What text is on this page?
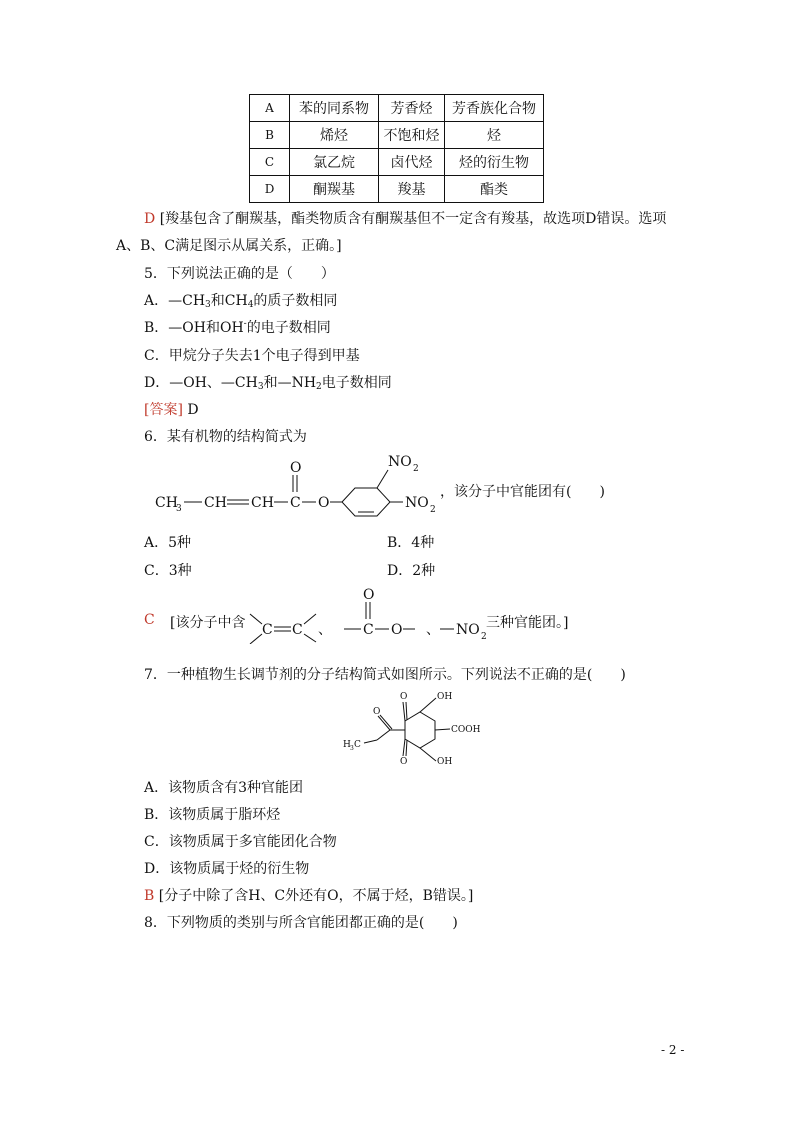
A	苯的同系物	芳香烃	芳香族化合物
B	烯烃	不饱和烃	烃
C	氯乙烷	卤代烃	烃的衍生物
D	酮羰基	羧基	酯类
D [羧基包含了酮羰基，酯类物质含有酮羰基但不一定含有羧基，故选项D错误。选项
A、B、C满足图示从属关系，正确。]
5．下列说法正确的是（　　）
A．—CH3和CH4的质子数相同
B．—OH和OH-的电子数相同
C．甲烷分子失去1个电子得到甲基
D．—OH、—CH3和—NH2电子数相同
[答案] D
6．某有机物的结构简式为
CH
3 CH CH C
O
O
NO 2
NO 2
，该分子中官能团有(　　)
A．5种	B．4种
C．3种	D．2种
C [该分子中含 C C 、
O
C O 、 NO 2
三种官能团。]
7．一种植物生长调节剂的分子结构简式如图所示。下列说法不正确的是(　　)
O	OH
O
COOH
H 3 C
O	OH
A．该物质含有3种官能团
B．该物质属于脂环烃
C．该物质属于多官能团化合物
D．该物质属于烃的衍生物
B [分子中除了含H、C外还有O，不属于烃，B错误。]
8．下列物质的类别与所含官能团都正确的是(　　)
- 2 -
